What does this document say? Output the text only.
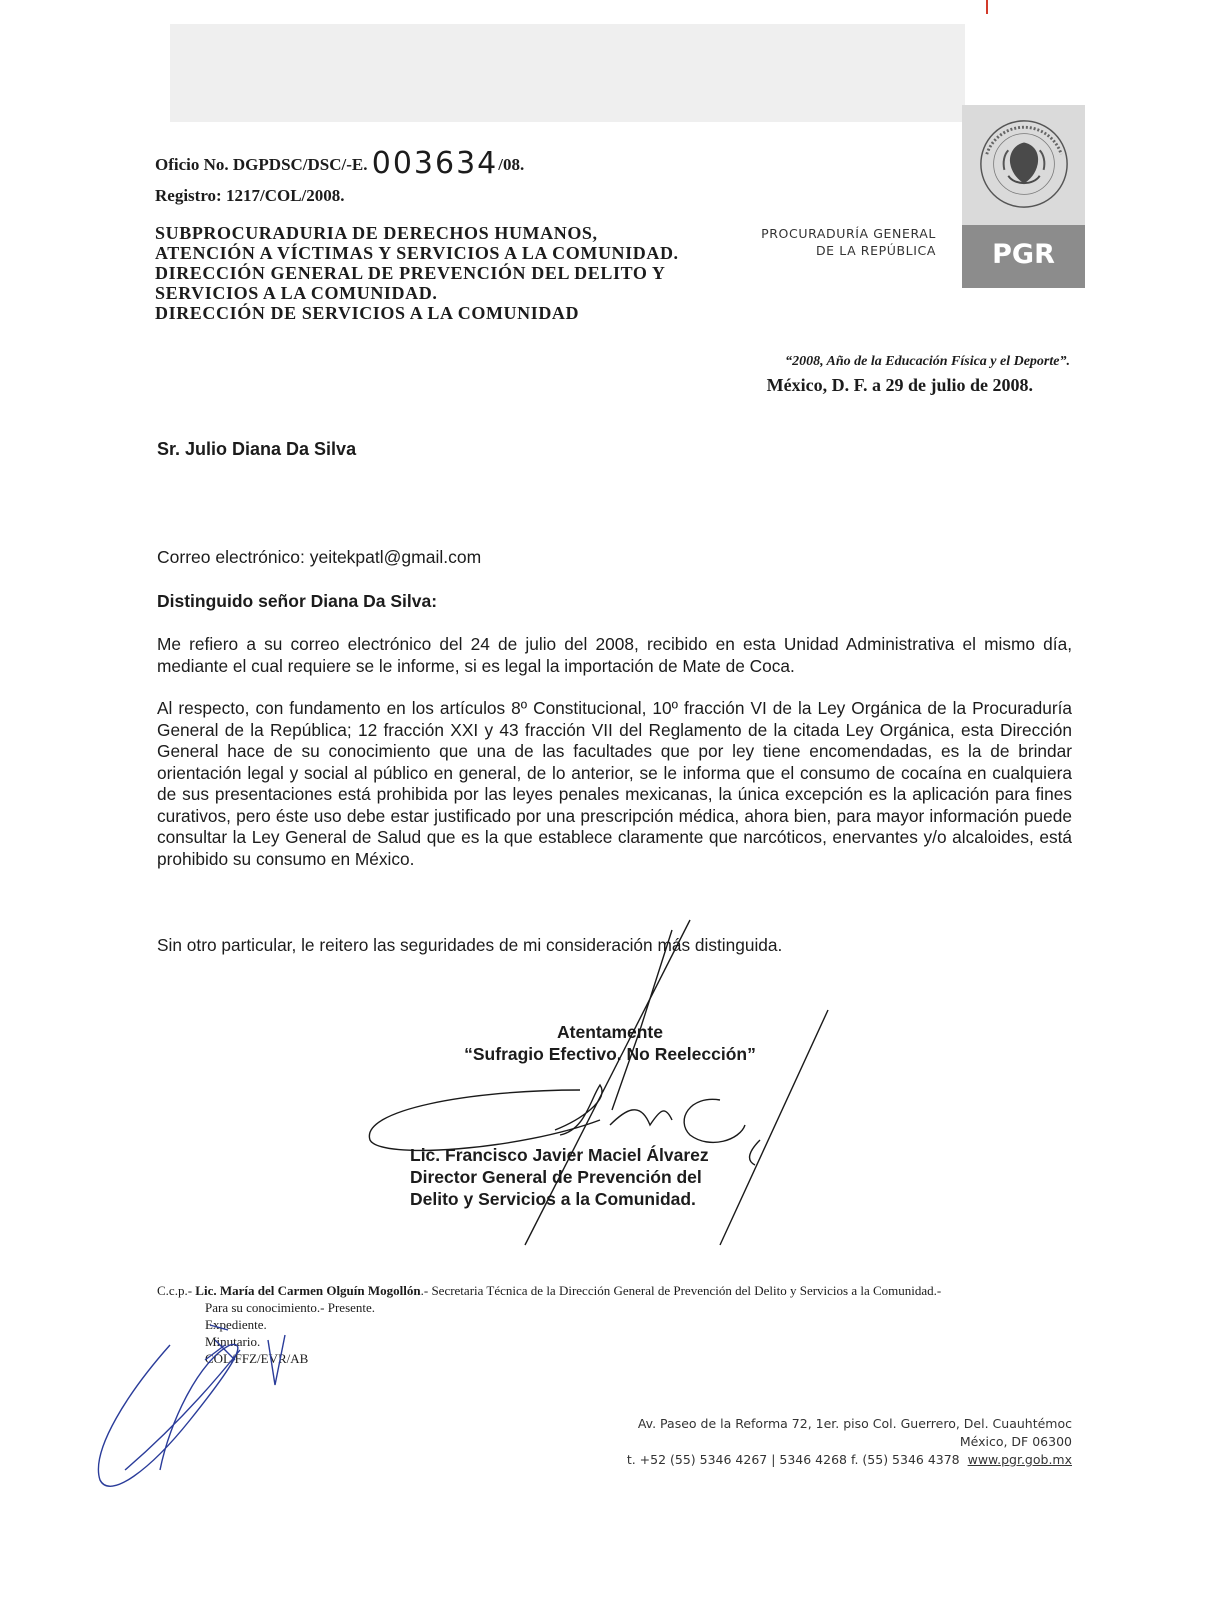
Oficio No. DGPDSC/DSC/-E. 003634/08.
Registro: 1217/COL/2008.
SUBPROCURADURIA DE DERECHOS HUMANOS,
ATENCIÓN A VÍCTIMAS Y SERVICIOS A LA COMUNIDAD.
DIRECCIÓN GENERAL DE PREVENCIÓN DEL DELITO Y
SERVICIOS A LA COMUNIDAD.
DIRECCIÓN DE SERVICIOS A LA COMUNIDAD
PROCURADURÍA GENERAL
DE LA REPÚBLICA	PGR
“2008, Año de la Educación Física y el Deporte”.
México, D. F. a 29 de julio de 2008.
Sr. Julio Diana Da Silva
Correo electrónico: yeitekpatl@gmail.com
Distinguido señor Diana Da Silva:
Me refiero a su correo electrónico del 24 de julio del 2008, recibido en esta Unidad Administrativa el mismo día, mediante el cual requiere se le informe, si es legal la importación de Mate de Coca.
Al respecto, con fundamento en los artículos 8º Constitucional, 10º fracción VI de la Ley Orgánica de la Procuraduría General de la República; 12 fracción XXI y 43 fracción VII del Reglamento de la citada Ley Orgánica, esta Dirección General hace de su conocimiento que una de las facultades que por ley tiene encomendadas, es la de brindar orientación legal y social al público en general, de lo anterior, se le informa que el consumo de cocaína en cualquiera de sus presentaciones está prohibida por las leyes penales mexicanas, la única excepción es la aplicación para fines curativos, pero éste uso debe estar justificado por una prescripción médica, ahora bien, para mayor información puede consultar la Ley General de Salud que es la que establece claramente que narcóticos, enervantes y/o alcaloides, está prohibido su consumo en México.
Sin otro particular, le reitero las seguridades de mi consideración más distinguida.
Atentamente
“Sufragio Efectivo. No Reelección”
Lic. Francisco Javier Maciel Álvarez
Director General de Prevención del
Delito y Servicios a la Comunidad.
C.c.p.- Lic. María del Carmen Olguín Mogollón.- Secretaria Técnica de la Dirección General de Prevención del Delito y Servicios a la Comunidad.-
Para su conocimiento.- Presente.
Expediente.
Minutario.
COL/FFZ/EVR/AB
Av. Paseo de la Reforma 72, 1er. piso Col. Guerrero, Del. Cuauhtémoc México, DF 06300
t. +52 (55) 5346 4267 | 5346 4268 f. (55) 5346 4378 www.pgr.gob.mx
